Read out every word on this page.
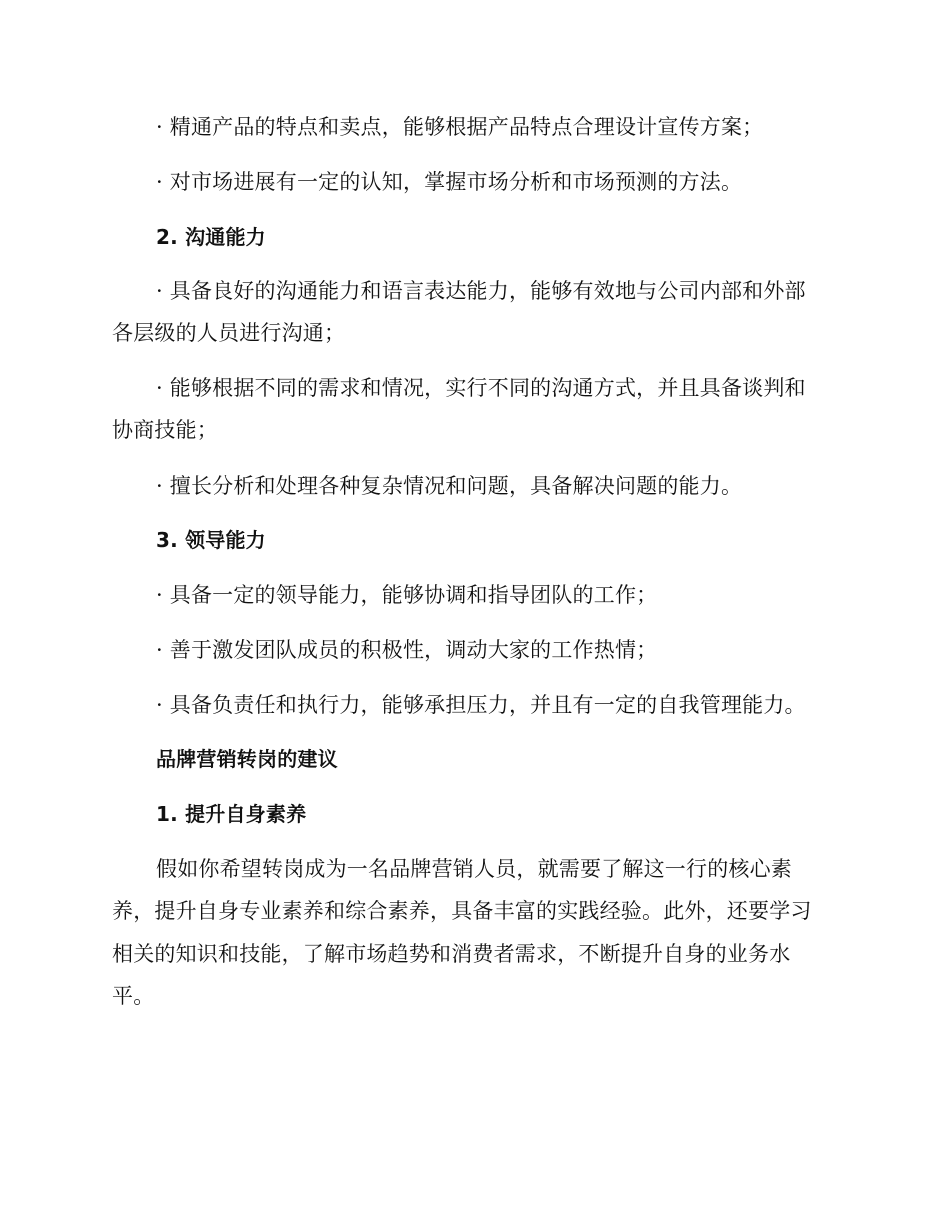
· 精通产品的特点和卖点，能够根据产品特点合理设计宣传方案；
· 对市场进展有一定的认知，掌握市场分析和市场预测的方法。
2. 沟通能力
· 具备良好的沟通能力和语言表达能力，能够有效地与公司内部和外部
各层级的人员进行沟通；
· 能够根据不同的需求和情况，实行不同的沟通方式，并且具备谈判和
协商技能；
· 擅长分析和处理各种复杂情况和问题，具备解决问题的能力。
3. 领导能力
· 具备一定的领导能力，能够协调和指导团队的工作；
· 善于激发团队成员的积极性，调动大家的工作热情；
· 具备负责任和执行力，能够承担压力，并且有一定的自我管理能力。
品牌营销转岗的建议
1. 提升自身素养
假如你希望转岗成为一名品牌营销人员，就需要了解这一行的核心素
养，提升自身专业素养和综合素养，具备丰富的实践经验。此外，还要学习
相关的知识和技能，了解市场趋势和消费者需求，不断提升自身的业务水
平。
